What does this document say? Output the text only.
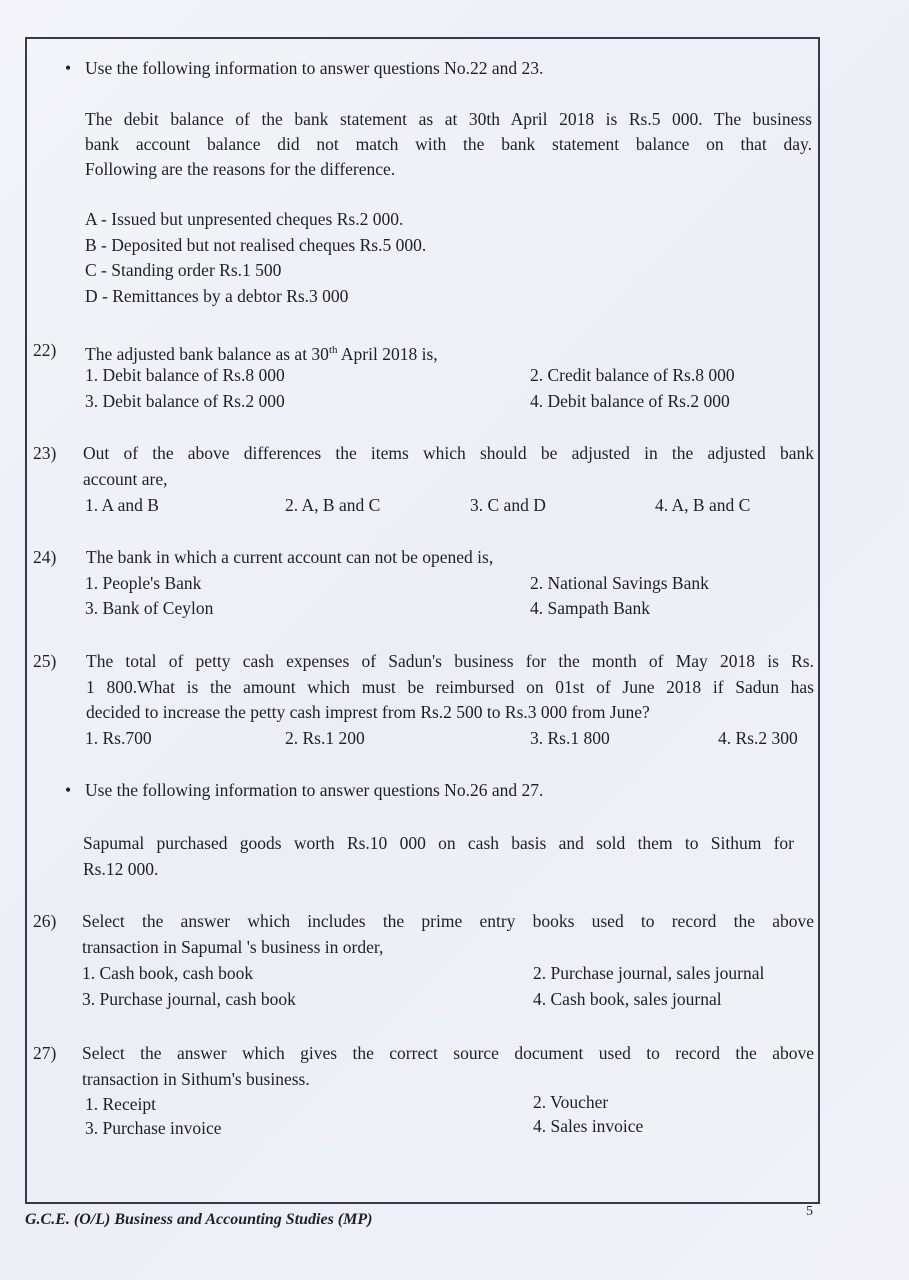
• Use the following information to answer questions No.22 and 23.
The debit balance of the bank statement as at 30th April 2018 is Rs.5 000. The business
bank account balance did not match with the bank statement balance on that day.
Following are the reasons for the difference.
A - Issued but unpresented cheques Rs.2 000.
B - Deposited but not realised cheques Rs.5 000.
C - Standing order Rs.1 500
D - Remittances by a debtor Rs.3 000
22) The adjusted bank balance as at 30th April 2018 is,
1. Debit balance of Rs.8 000	2. Credit balance of Rs.8 000
3. Debit balance of Rs.2 000	4. Debit balance of Rs.2 000
23) Out of the above differences the items which should be adjusted in the adjusted bank
account are,
1. A and B	2. A, B and C	3. C and D	4. A, B and C
24) The bank in which a current account can not be opened is,
1. People's Bank	2. National Savings Bank
3. Bank of Ceylon	4. Sampath Bank
25) The total of petty cash expenses of Sadun's business for the month of May 2018 is Rs.
1 800.What is the amount which must be reimbursed on 01st of June 2018 if Sadun has
decided to increase the petty cash imprest from Rs.2 500 to Rs.3 000 from June?
1. Rs.700	2. Rs.1 200	3. Rs.1 800	4. Rs.2 300
• Use the following information to answer questions No.26 and 27.
Sapumal purchased goods worth Rs.10 000 on cash basis and sold them to Sithum for
Rs.12 000.
26) Select the answer which includes the prime entry books used to record the above
transaction in Sapumal 's business in order,
1. Cash book, cash book	2. Purchase journal, sales journal
3. Purchase journal, cash book	4. Cash book, sales journal
27) Select the answer which gives the correct source document used to record the above
transaction in Sithum's business.
1. Receipt	2. Voucher
3. Purchase invoice	4. Sales invoice
G.C.E. (O/L) Business and Accounting Studies (MP)	5
